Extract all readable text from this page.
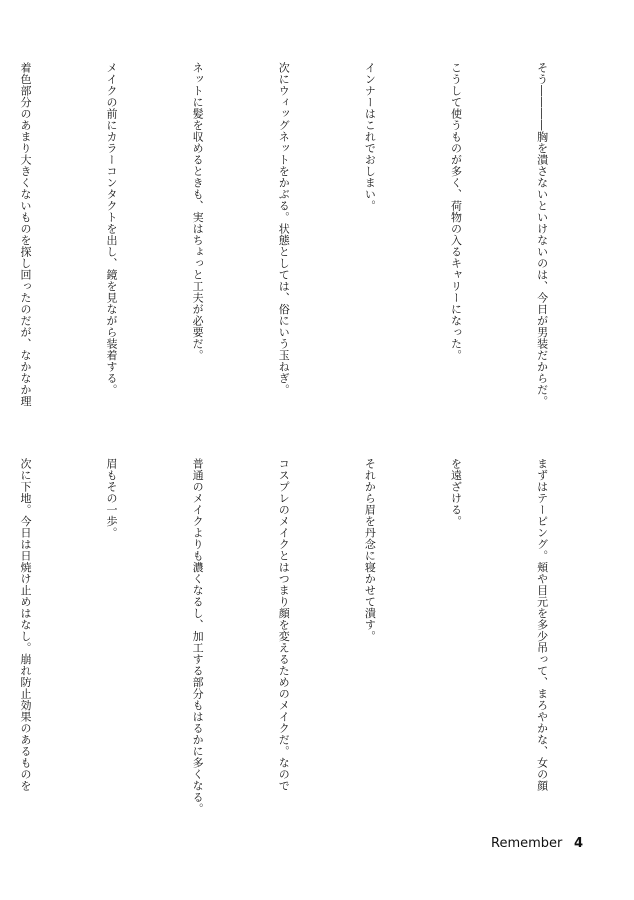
そう――――胸を潰さないといけないのは、今日が男装だからだ。

こうして使うものが多く、荷物の入るキャリーになった。

インナーはこれでおしまい。

次にウィッグネットをかぶる。状態としては、俗にいう玉ねぎ。

ネットに髪を収めるときも、実はちょっと工夫が必要だ。

メイクの前にカラーコンタクトを出し、鏡を見ながら装着する。

着色部分のあまり大きくないものを探し回ったのだが、なかなか理

まずはテーピング。頬や目元を多少吊って、まろやかな、女の顔

を遠ざける。

それから眉を丹念に寝かせて潰す。

コスプレのメイクとはつまり顔を変えるためのメイクだ。なので

普通のメイクよりも濃くなるし、加工する部分もはるかに多くなる。

眉もその一歩。

次に下地。今日は日焼け止めはなし。崩れ防止効果のあるものを

Remember 4
